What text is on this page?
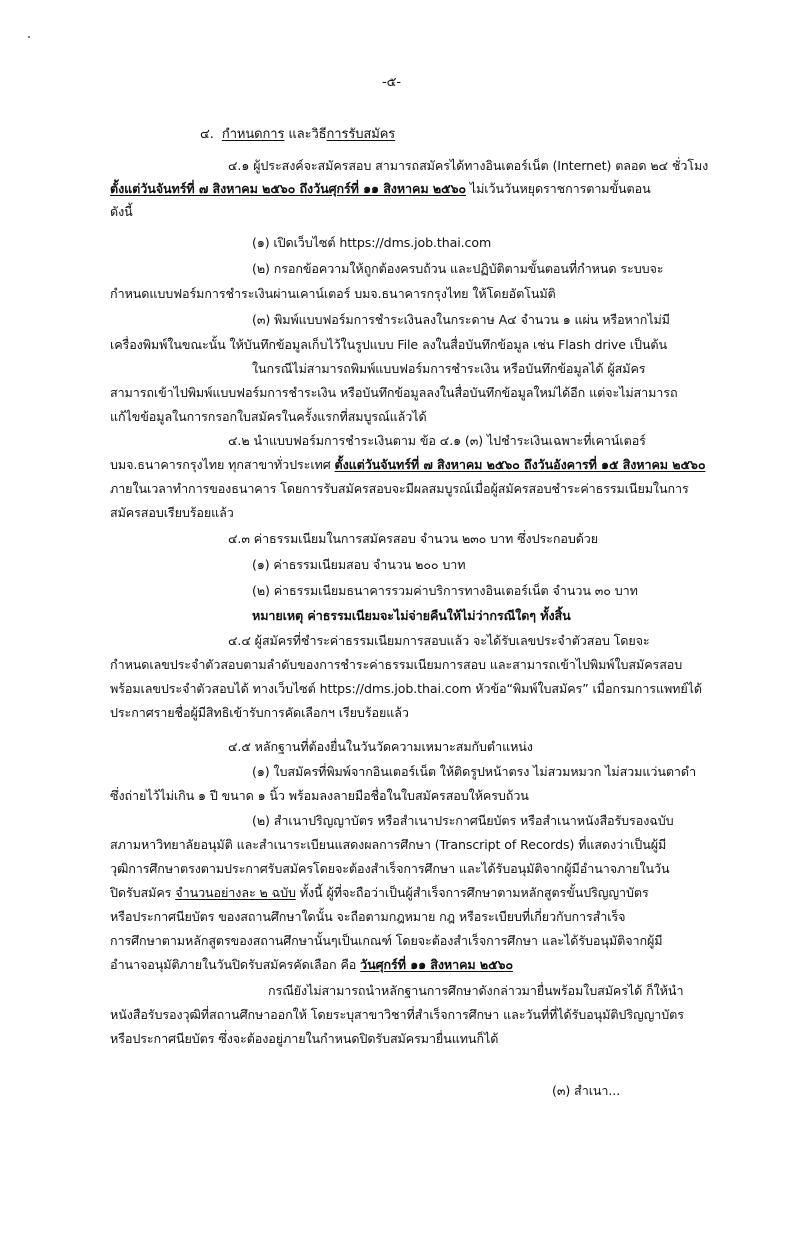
-๕-
๔. กำหนดการ และวิธีการรับสมัคร
๔.๑ ผู้ประสงค์จะสมัครสอบ สามารถสมัครได้ทางอินเตอร์เน็ต (Internet) ตลอด ๒๔ ชั่วโมง
ตั้งแต่วันจันทร์ที่ ๗ สิงหาคม ๒๕๖๐ ถึงวันศุกร์ที่ ๑๑ สิงหาคม ๒๕๖๐ ไม่เว้นวันหยุดราชการตามขั้นตอน
ดังนี้
(๑) เปิดเว็บไซต์ https://dms.job.thai.com
(๒) กรอกข้อความให้ถูกต้องครบถ้วน และปฏิบัติตามขั้นตอนที่กำหนด ระบบจะ
กำหนดแบบฟอร์มการชำระเงินผ่านเคาน์เตอร์ บมจ.ธนาคารกรุงไทย ให้โดยอัตโนมัติ
(๓) พิมพ์แบบฟอร์มการชำระเงินลงในกระดาษ A๔ จำนวน ๑ แผ่น หรือหากไม่มี
เครื่องพิมพ์ในขณะนั้น ให้บันทึกข้อมูลเก็บไว้ในรูปแบบ File ลงในสื่อบันทึกข้อมูล เช่น Flash drive เป็นต้น
ในกรณีไม่สามารถพิมพ์แบบฟอร์มการชำระเงิน หรือบันทึกข้อมูลได้ ผู้สมัคร
สามารถเข้าไปพิมพ์แบบฟอร์มการชำระเงิน หรือบันทึกข้อมูลลงในสื่อบันทึกข้อมูลใหม่ได้อีก แต่จะไม่สามารถ
แก้ไขข้อมูลในการกรอกใบสมัครในครั้งแรกที่สมบูรณ์แล้วได้
๔.๒ นำแบบฟอร์มการชำระเงินตาม ข้อ ๔.๑ (๓) ไปชำระเงินเฉพาะที่เคาน์เตอร์
บมจ.ธนาคารกรุงไทย ทุกสาขาทั่วประเทศ ตั้งแต่วันจันทร์ที่ ๗ สิงหาคม ๒๕๖๐ ถึงวันอังคารที่ ๑๕ สิงหาคม ๒๕๖๐
ภายในเวลาทำการของธนาคาร โดยการรับสมัครสอบจะมีผลสมบูรณ์เมื่อผู้สมัครสอบชำระค่าธรรมเนียมในการ
สมัครสอบเรียบร้อยแล้ว
๔.๓ ค่าธรรมเนียมในการสมัครสอบ จำนวน ๒๓๐ บาท ซึ่งประกอบด้วย
(๑) ค่าธรรมเนียมสอบ จำนวน ๒๐๐ บาท
(๒) ค่าธรรมเนียมธนาคารรวมค่าบริการทางอินเตอร์เน็ต จำนวน ๓๐ บาท
หมายเหตุ ค่าธรรมเนียมจะไม่จ่ายคืนให้ไม่ว่ากรณีใดๆ ทั้งสิ้น
๔.๔ ผู้สมัครที่ชำระค่าธรรมเนียมการสอบแล้ว จะได้รับเลขประจำตัวสอบ โดยจะ
กำหนดเลขประจำตัวสอบตามลำดับของการชำระค่าธรรมเนียมการสอบ และสามารถเข้าไปพิมพ์ใบสมัครสอบ
พร้อมเลขประจำตัวสอบได้ ทางเว็บไซต์ https://dms.job.thai.com หัวข้อ“พิมพ์ใบสมัคร” เมื่อกรมการแพทย์ได้
ประกาศรายชื่อผู้มีสิทธิเข้ารับการคัดเลือกฯ เรียบร้อยแล้ว
๔.๕ หลักฐานที่ต้องยื่นในวันวัดความเหมาะสมกับตำแหน่ง
(๑) ใบสมัครที่พิมพ์จากอินเตอร์เน็ต ให้ติดรูปหน้าตรง ไม่สวมหมวก ไม่สวมแว่นตาดำ
ซึ่งถ่ายไว้ไม่เกิน ๑ ปี ขนาด ๑ นิ้ว พร้อมลงลายมือชื่อในใบสมัครสอบให้ครบถ้วน
(๒) สำเนาปริญญาบัตร หรือสำเนาประกาศนียบัตร หรือสำเนาหนังสือรับรองฉบับ
สภามหาวิทยาลัยอนุมัติ และสำเนาระเบียนแสดงผลการศึกษา (Transcript of Records) ที่แสดงว่าเป็นผู้มี
วุฒิการศึกษาตรงตามประกาศรับสมัครโดยจะต้องสำเร็จการศึกษา และได้รับอนุมัติจากผู้มีอำนาจภายในวัน
ปิดรับสมัคร จำนวนอย่างละ ๒ ฉบับ ทั้งนี้ ผู้ที่จะถือว่าเป็นผู้สำเร็จการศึกษาตามหลักสูตรขั้นปริญญาบัตร
หรือประกาศนียบัตร ของสถานศึกษาใดนั้น จะถือตามกฎหมาย กฎ หรือระเบียบที่เกี่ยวกับการสำเร็จ
การศึกษาตามหลักสูตรของสถานศึกษานั้นๆเป็นเกณฑ์ โดยจะต้องสำเร็จการศึกษา และได้รับอนุมัติจากผู้มี
อำนาจอนุมัติภายในวันปิดรับสมัครคัดเลือก คือ วันศุกร์ที่ ๑๑ สิงหาคม ๒๕๖๐
กรณียังไม่สามารถนำหลักฐานการศึกษาดังกล่าวมายื่นพร้อมใบสมัครได้ ก็ให้นำ
หนังสือรับรองวุฒิที่สถานศึกษาออกให้ โดยระบุสาขาวิชาที่สำเร็จการศึกษา และวันที่ที่ได้รับอนุมัติปริญญาบัตร
หรือประกาศนียบัตร ซึ่งจะต้องอยู่ภายในกำหนดปิดรับสมัครมายื่นแทนก็ได้
(๓) สำเนา...
